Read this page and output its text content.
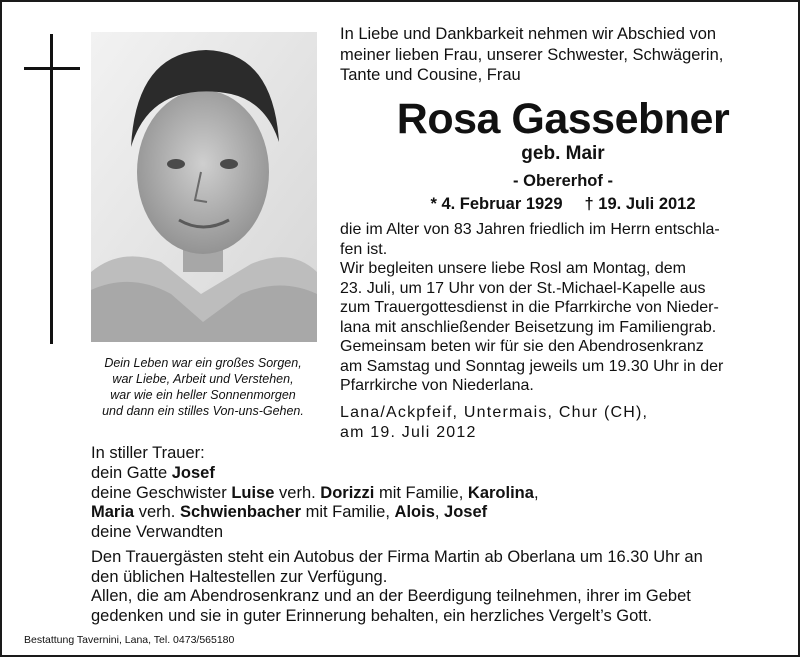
Dein Leben war ein großes Sorgen,
war Liebe, Arbeit und Verstehen,
war wie ein heller Sonnenmorgen
und dann ein stilles Von-uns-Gehen.
In Liebe und Dankbarkeit nehmen wir Abschied von
meiner lieben Frau, unserer Schwester, Schwägerin,
Tante und Cousine, Frau
Rosa Gassebner
geb. Mair
- Obererhof -
* 4. Februar 1929 † 19. Juli 2012
die im Alter von 83 Jahren friedlich im Herrn entschla-
fen ist.
Wir begleiten unsere liebe Rosl am Montag, dem
23. Juli, um 17 Uhr von der St.-Michael-Kapelle aus
zum Trauergottesdienst in die Pfarrkirche von Nieder-
lana mit anschließender Beisetzung im Familiengrab.
Gemeinsam beten wir für sie den Abendrosenkranz
am Samstag und Sonntag jeweils um 19.30 Uhr in der
Pfarrkirche von Niederlana.
Lana/Ackpfeif, Untermais, Chur (CH),
am 19. Juli 2012
In stiller Trauer:
dein Gatte Josef
deine Geschwister Luise verh. Dorizzi mit Familie, Karolina,
Maria verh. Schwienbacher mit Familie, Alois, Josef
deine Verwandten
Den Trauergästen steht ein Autobus der Firma Martin ab Oberlana um 16.30 Uhr an
den üblichen Haltestellen zur Verfügung.
Allen, die am Abendrosenkranz und an der Beerdigung teilnehmen, ihrer im Gebet
gedenken und sie in guter Erinnerung behalten, ein herzliches Vergelt’s Gott.
Bestattung Tavernini, Lana, Tel. 0473/565180
